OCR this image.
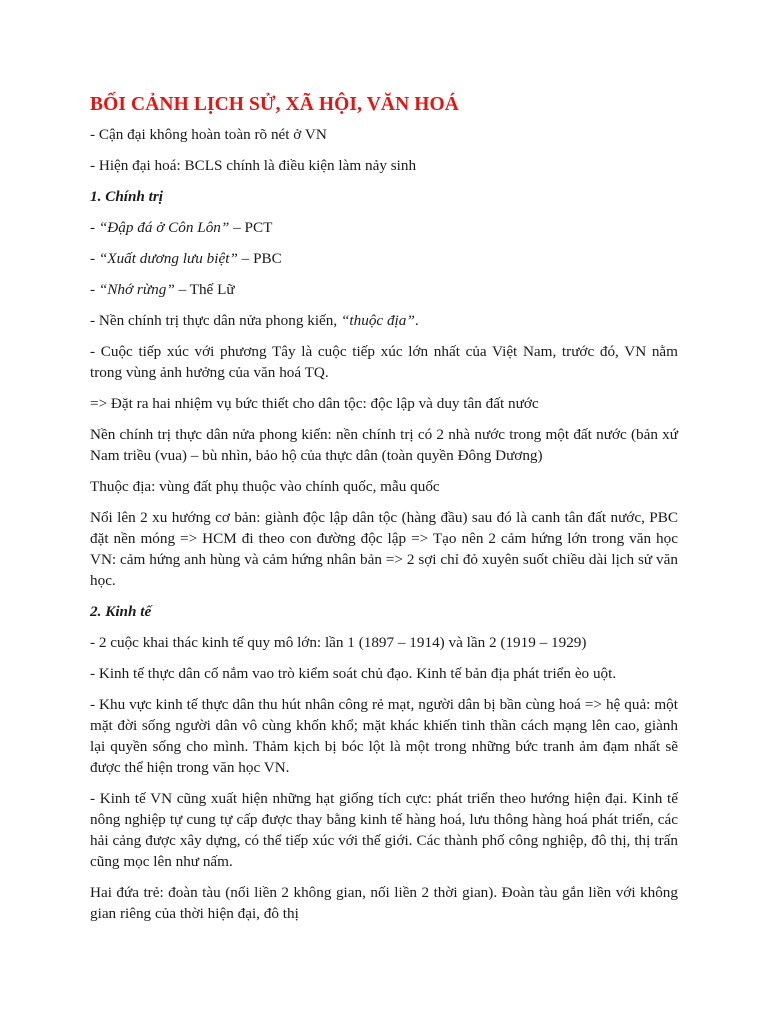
BỐI CẢNH LỊCH SỬ, XÃ HỘI, VĂN HOÁ

- Cận đại không hoàn toàn rõ nét ở VN

- Hiện đại hoá: BCLS chính là điều kiện làm nảy sinh

1. Chính trị

- “Đập đá ở Côn Lôn” – PCT

- “Xuất dương lưu biệt” – PBC

- “Nhớ rừng” – Thế Lữ

- Nền chính trị thực dân nửa phong kiến, “thuộc địa”.

- Cuộc tiếp xúc với phương Tây là cuộc tiếp xúc lớn nhất của Việt Nam, trước đó, VN nằm trong vùng ảnh hưởng của văn hoá TQ.

=> Đặt ra hai nhiệm vụ bức thiết cho dân tộc: độc lập và duy tân đất nước

Nền chính trị thực dân nửa phong kiến: nền chính trị có 2 nhà nước trong một đất nước (bản xứ Nam triều (vua) – bù nhìn, bảo hộ của thực dân (toàn quyền Đông Dương)

Thuộc địa: vùng đất phụ thuộc vào chính quốc, mẫu quốc

Nổi lên 2 xu hướng cơ bản: giành độc lập dân tộc (hàng đầu) sau đó là canh tân đất nước, PBC đặt nền móng => HCM đi theo con đường độc lập => Tạo nên 2 cảm hứng lớn trong văn học VN: cảm hứng anh hùng và cảm hứng nhân bản => 2 sợi chỉ đỏ xuyên suốt chiều dài lịch sử văn học.

2. Kinh tế

- 2 cuộc khai thác kinh tế quy mô lớn: lần 1 (1897 – 1914) và lần 2 (1919 – 1929)

- Kinh tế thực dân cố nắm vao trò kiểm soát chủ đạo. Kinh tế bản địa phát triển èo uột.

- Khu vực kinh tế thực dân thu hút nhân công rẻ mạt, người dân bị bần cùng hoá => hệ quả: một mặt đời sống người dân vô cùng khốn khổ; mặt khác khiến tinh thần cách mạng lên cao, giành lại quyền sống cho mình. Thảm kịch bị bóc lột là một trong những bức tranh ảm đạm nhất sẽ được thể hiện trong văn học VN.

- Kinh tế VN cũng xuất hiện những hạt giống tích cực: phát triển theo hướng hiện đại. Kinh tế nông nghiệp tự cung tự cấp được thay bằng kinh tế hàng hoá, lưu thông hàng hoá phát triển, các hải cảng được xây dựng, có thể tiếp xúc với thế giới. Các thành phố công nghiệp, đô thị, thị trấn cũng mọc lên như nấm.

Hai đứa trẻ: đoàn tàu (nối liền 2 không gian, nối liền 2 thời gian). Đoàn tàu gắn liền với không gian riêng của thời hiện đại, đô thị
